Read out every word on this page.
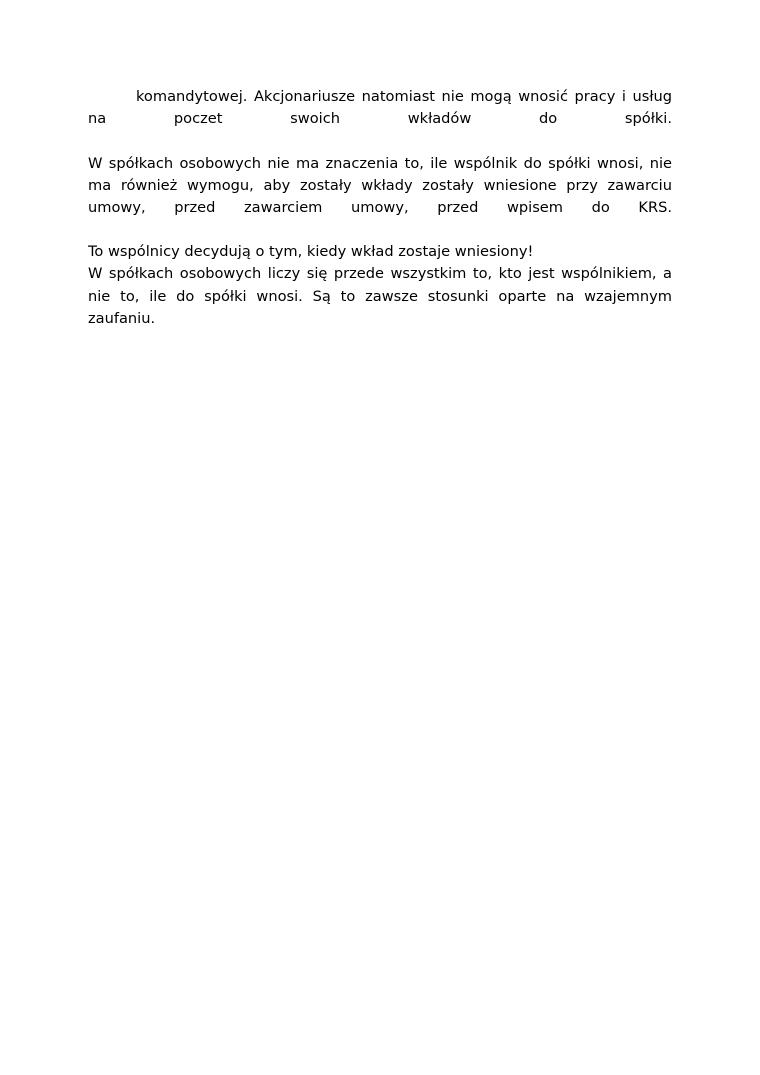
komandytowej. Akcjonariusze natomiast nie mogą wnosić pracy i usług na poczet swoich wkładów do spółki.

W spółkach osobowych nie ma znaczenia to, ile wspólnik do spółki wnosi, nie ma również wymogu, aby zostały wkłady zostały wniesione przy zawarciu umowy, przed zawarciem umowy, przed wpisem do KRS.

To wspólnicy decydują o tym, kiedy wkład zostaje wniesiony!

W spółkach osobowych liczy się przede wszystkim to, kto jest wspólnikiem, a nie to, ile do spółki wnosi. Są to zawsze stosunki oparte na wzajemnym zaufaniu.
